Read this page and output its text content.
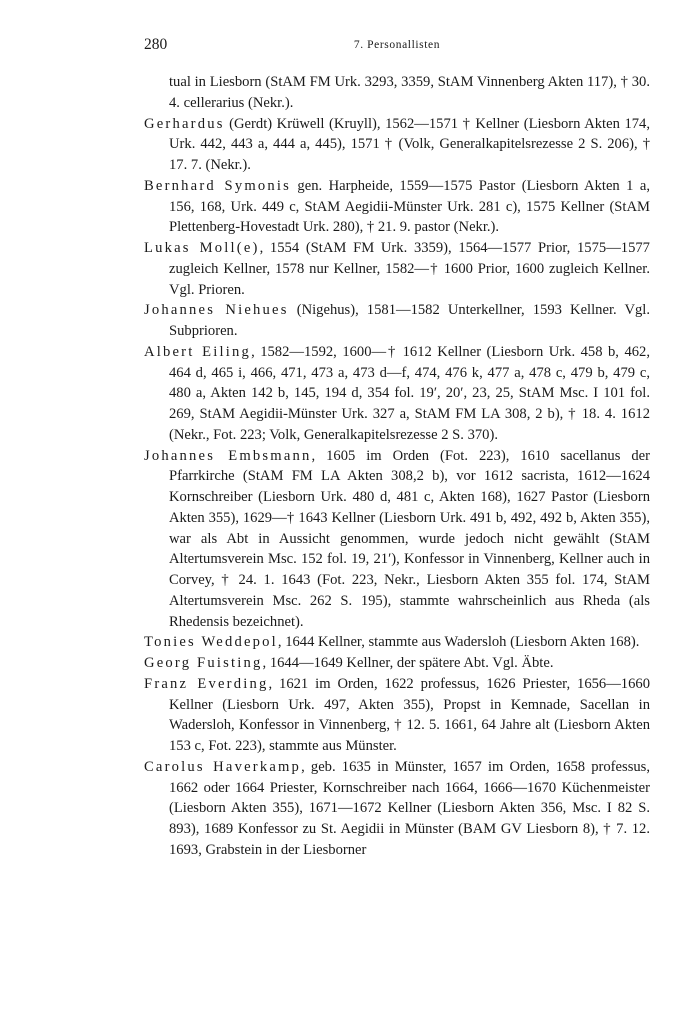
280	7. Personallisten

tual in Liesborn (StAM FM Urk. 3293, 3359, StAM Vinnenberg Akten 117), † 30. 4. cellerarius (Nekr.).

Gerhardus (Gerdt) Krüwell (Kruyll), 1562—1571 † Kellner (Liesborn Akten 174, Urk. 442, 443 a, 444 a, 445), 1571 † (Volk, Generalkapitelsrezesse 2 S. 206), † 17. 7. (Nekr.).

Bernhard Symonis gen. Harpheide, 1559—1575 Pastor (Liesborn Akten 1 a, 156, 168, Urk. 449 c, StAM Aegidii-Münster Urk. 281 c), 1575 Kellner (StAM Plettenberg-Hovestadt Urk. 280), † 21. 9. pastor (Nekr.).

Lukas Moll(e), 1554 (StAM FM Urk. 3359), 1564—1577 Prior, 1575—1577 zugleich Kellner, 1578 nur Kellner, 1582—† 1600 Prior, 1600 zugleich Kellner. Vgl. Prioren.

Johannes Niehues (Nigehus), 1581—1582 Unterkellner, 1593 Kellner. Vgl. Subprioren.

Albert Eiling, 1582—1592, 1600—† 1612 Kellner (Liesborn Urk. 458 b, 462, 464 d, 465 i, 466, 471, 473 a, 473 d—f, 474, 476 k, 477 a, 478 c, 479 b, 479 c, 480 a, Akten 142 b, 145, 194 d, 354 fol. 19′, 20′, 23, 25, StAM Msc. I 101 fol. 269, StAM Aegidii-Münster Urk. 327 a, StAM FM LA 308, 2 b), † 18. 4. 1612 (Nekr., Fot. 223; Volk, Generalkapitelsrezesse 2 S. 370).

Johannes Embsmann, 1605 im Orden (Fot. 223), 1610 sacellanus der Pfarrkirche (StAM FM LA Akten 308,2 b), vor 1612 sacrista, 1612—1624 Kornschreiber (Liesborn Urk. 480 d, 481 c, Akten 168), 1627 Pastor (Liesborn Akten 355), 1629—† 1643 Kellner (Liesborn Urk. 491 b, 492, 492 b, Akten 355), war als Abt in Aussicht genommen, wurde jedoch nicht gewählt (StAM Altertumsverein Msc. 152 fol. 19, 21′), Konfessor in Vinnenberg, Kellner auch in Corvey, † 24. 1. 1643 (Fot. 223, Nekr., Liesborn Akten 355 fol. 174, StAM Altertumsverein Msc. 262 S. 195), stammte wahrscheinlich aus Rheda (als Rhedensis bezeichnet).

Tonies Weddepol, 1644 Kellner, stammte aus Wadersloh (Liesborn Akten 168).

Georg Fuisting, 1644—1649 Kellner, der spätere Abt. Vgl. Äbte.

Franz Everding, 1621 im Orden, 1622 professus, 1626 Priester, 1656—1660 Kellner (Liesborn Urk. 497, Akten 355), Propst in Kemnade, Sacellan in Wadersloh, Konfessor in Vinnenberg, † 12. 5. 1661, 64 Jahre alt (Liesborn Akten 153 c, Fot. 223), stammte aus Münster.

Carolus Haverkamp, geb. 1635 in Münster, 1657 im Orden, 1658 professus, 1662 oder 1664 Priester, Kornschreiber nach 1664, 1666—1670 Küchenmeister (Liesborn Akten 355), 1671—1672 Kellner (Liesborn Akten 356, Msc. I 82 S. 893), 1689 Konfessor zu St. Aegidii in Münster (BAM GV Liesborn 8), † 7. 12. 1693, Grabstein in der Liesborner
